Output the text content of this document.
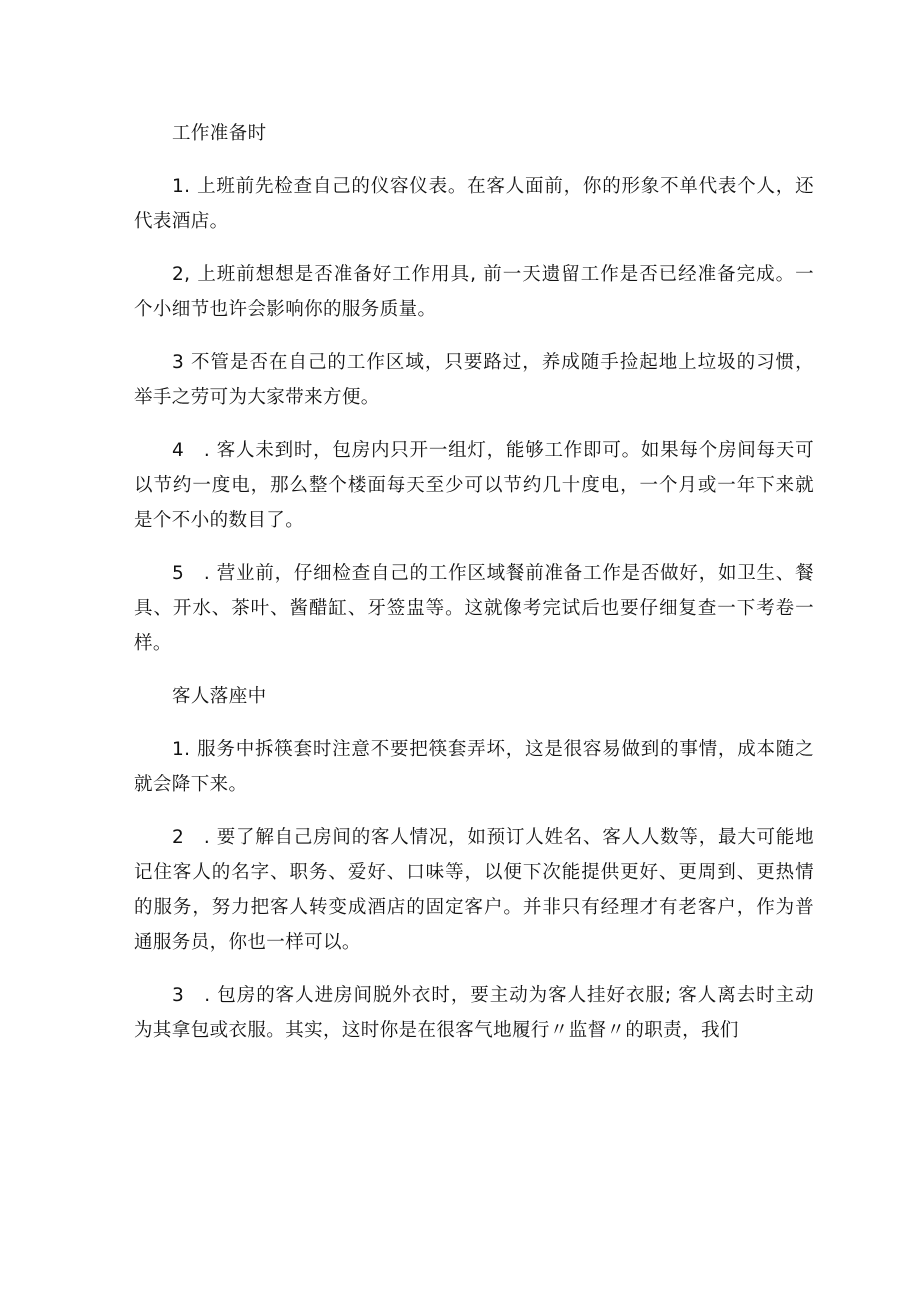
工作准备时
1. 上班前先检查自己的仪容仪表。在客人面前，你的形象不单代表个人，还代表酒店。
2, 上班前想想是否准备好工作用具, 前一天遗留工作是否已经准备完成。一个小细节也许会影响你的服务质量。
3 不管是否在自己的工作区域，只要路过，养成随手捡起地上垃圾的习惯，举手之劳可为大家带来方便。
4　. 客人未到时，包房内只开一组灯，能够工作即可。如果每个房间每天可以节约一度电，那么整个楼面每天至少可以节约几十度电，一个月或一年下来就是个不小的数目了。
5　. 营业前，仔细检查自己的工作区域餐前准备工作是否做好，如卫生、餐具、开水、茶叶、酱醋缸、牙签盅等。这就像考完试后也要仔细复查一下考卷一样。
客人落座中
1. 服务中拆筷套时注意不要把筷套弄坏，这是很容易做到的事情，成本随之就会降下来。
2　. 要了解自己房间的客人情况，如预订人姓名、客人人数等，最大可能地记住客人的名字、职务、爱好、口味等，以便下次能提供更好、更周到、更热情的服务，努力把客人转变成酒店的固定客户。并非只有经理才有老客户，作为普通服务员，你也一样可以。
3　. 包房的客人进房间脱外衣时，要主动为客人挂好衣服; 客人离去时主动为其拿包或衣服。其实，这时你是在很客气地履行〃监督〃的职责，我们
